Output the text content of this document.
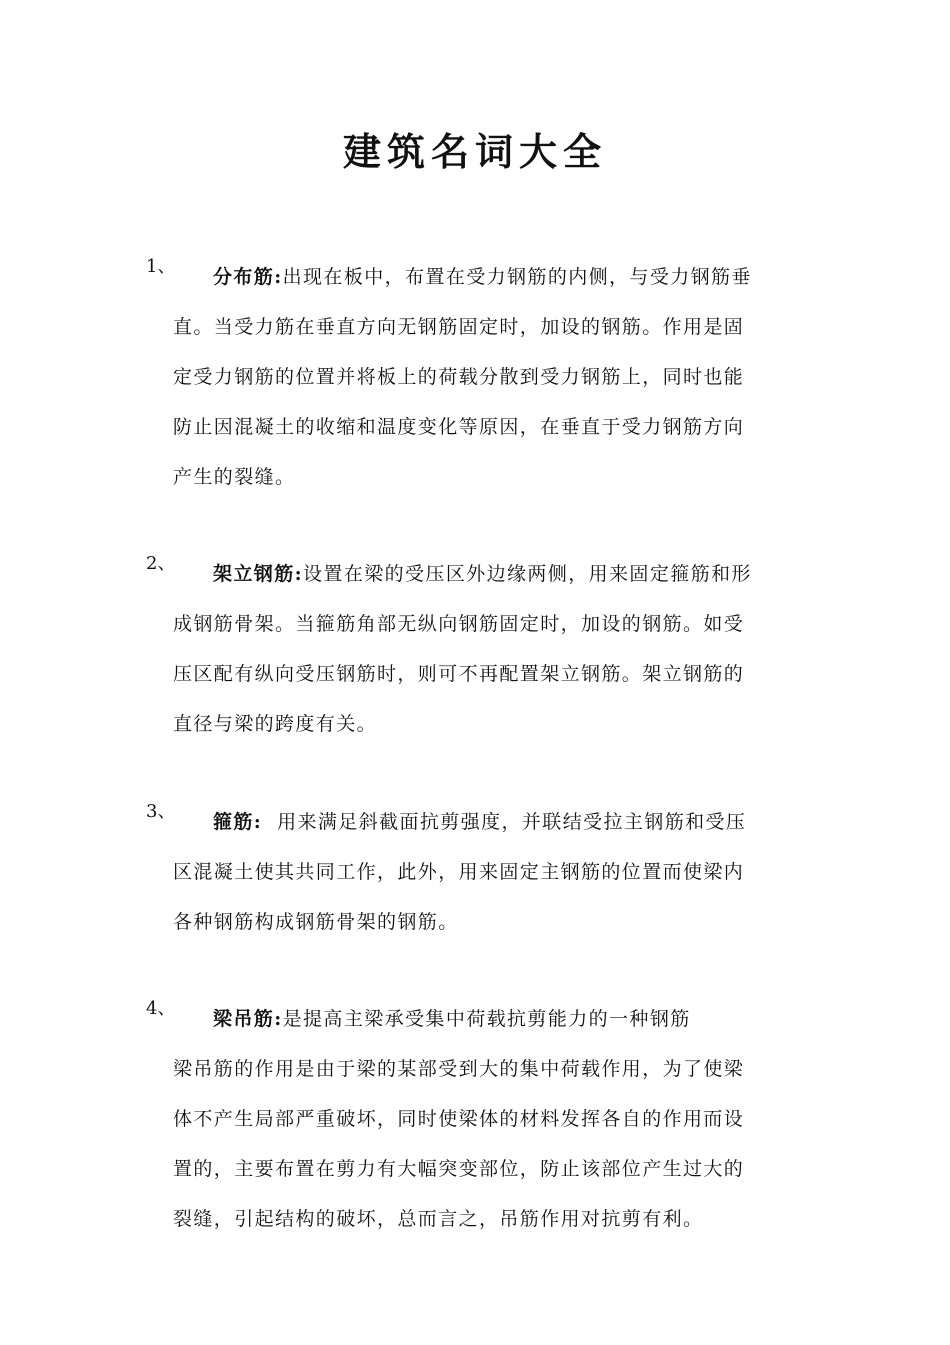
建筑名词大全
1、	分布筋:出现在板中，布置在受力钢筋的内侧，与受力钢筋垂
直。当受力筋在垂直方向无钢筋固定时，加设的钢筋。作用是固
定受力钢筋的位置并将板上的荷载分散到受力钢筋上，同时也能
防止因混凝土的收缩和温度变化等原因，在垂直于受力钢筋方向
产生的裂缝。
2、	架立钢筋:设置在梁的受压区外边缘两侧，用来固定箍筋和形
成钢筋骨架。当箍筋角部无纵向钢筋固定时，加设的钢筋。如受
压区配有纵向受压钢筋时，则可不再配置架立钢筋。架立钢筋的
直径与梁的跨度有关。
3、	箍筋:  用来满足斜截面抗剪强度，并联结受拉主钢筋和受压
区混凝土使其共同工作，此外，用来固定主钢筋的位置而使梁内
各种钢筋构成钢筋骨架的钢筋。
4、	梁吊筋:是提高主梁承受集中荷载抗剪能力的一种钢筋
梁吊筋的作用是由于梁的某部受到大的集中荷载作用，为了使梁
体不产生局部严重破坏，同时使梁体的材料发挥各自的作用而设
置的，主要布置在剪力有大幅突变部位，防止该部位产生过大的
裂缝，引起结构的破坏，总而言之，吊筋作用对抗剪有利。
